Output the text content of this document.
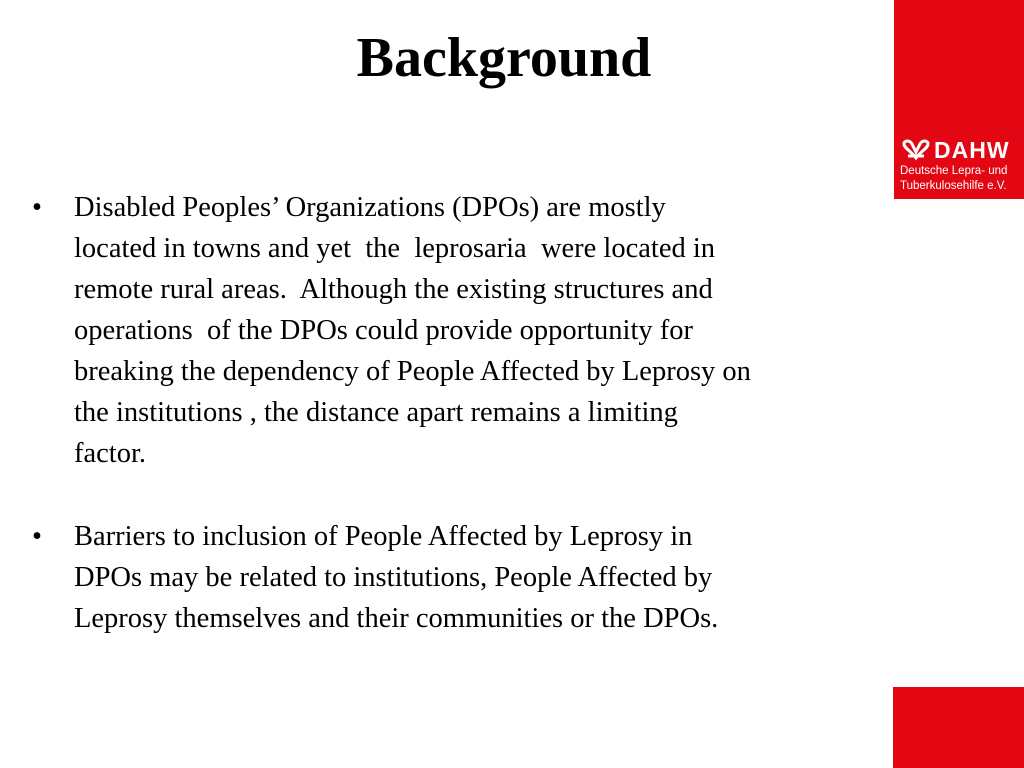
Background
DAHW
Deutsche Lepra- und
Tuberkulosehilfe e.V.
•	Disabled Peoples’ Organizations (DPOs) are mostly
located in towns and yet  the  leprosaria  were located in
remote rural areas.  Although the existing structures and
operations  of the DPOs could provide opportunity for
breaking the dependency of People Affected by Leprosy on
the institutions , the distance apart remains a limiting
factor.
•	Barriers to inclusion of People Affected by Leprosy in
DPOs may be related to institutions, People Affected by
Leprosy themselves and their communities or the DPOs.
